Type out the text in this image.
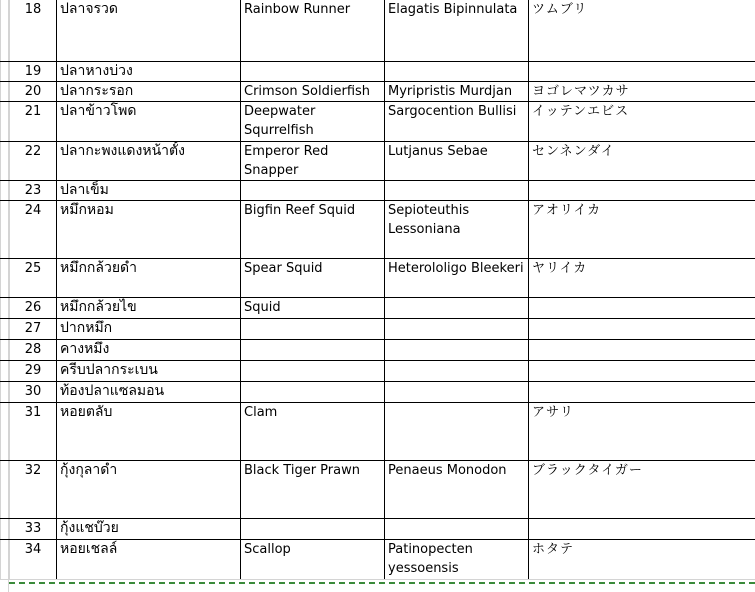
	18	ปลาจรวด	Rainbow Runner	Elagatis Bipinnulata	ツムブリ
	19	ปลาหางบ่วง			
	20	ปลากระรอก	Crimson Soldierfish	Myripristis Murdjan	ヨゴレマツカサ
	21	ปลาข้าวโพด	Deepwater Squrrelfish	Sargocention Bullisi	イッテンエビス
	22	ปลากะพงแดงหน้าตั้ง	Emperor Red Snapper	Lutjanus Sebae	センネンダイ
	23	ปลาเข็ม			
	24	หมึกหอม	Bigfin Reef Squid	Sepioteuthis Lessoniana	アオリイカ
	25	หมึกกล้วยดำ	Spear Squid	Heterololigo Bleekeri	ヤリイカ
	26	หมึกกล้วยไข	Squid		
	27	ปากหมึก			
	28	คางหมึง			
	29	ครีบปลากระเบน			
	30	ท้องปลาแซลมอน			
	31	หอยตลับ	Clam		アサリ
	32	กุ้งกุลาดำ	Black Tiger Prawn	Penaeus Monodon	ブラックタイガー
	33	กุ้งแชบ๊วย			
	34	หอยเชลล์	Scallop	Patinopecten yessoensis	ホタテ
